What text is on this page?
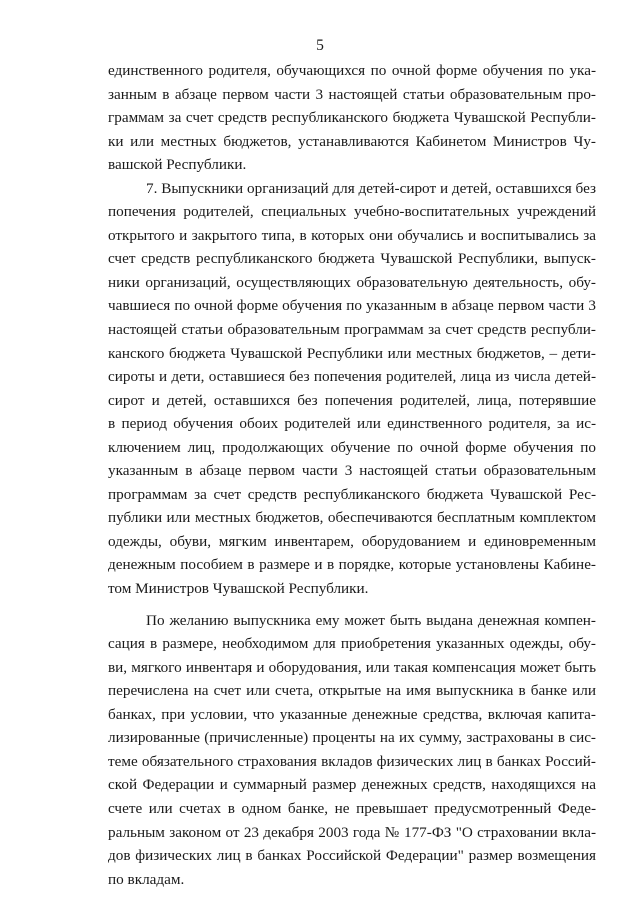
5
единственного родителя, обучающихся по очной форме обучения по ука-
занным в абзаце первом части 3 настоящей статьи образовательным про-
граммам за счет средств республиканского бюджета Чувашской Республи-
ки или местных бюджетов, устанавливаются Кабинетом Министров Чу-
вашской Республики.
7. Выпускники организаций для детей-сирот и детей, оставшихся без
попечения родителей, специальных учебно-воспитательных учреждений
открытого и закрытого типа, в которых они обучались и воспитывались за
счет средств республиканского бюджета Чувашской Республики, выпуск-
ники организаций, осуществляющих образовательную деятельность, обу-
чавшиеся по очной форме обучения по указанным в абзаце первом части 3
настоящей статьи образовательным программам за счет средств республи-
канского бюджета Чувашской Республики или местных бюджетов, – дети-
сироты и дети, оставшиеся без попечения родителей, лица из числа детей-
сирот и детей, оставшихся без попечения родителей, лица, потерявшие
в период обучения обоих родителей или единственного родителя, за ис-
ключением лиц, продолжающих обучение по очной форме обучения по
указанным в абзаце первом части 3 настоящей статьи образовательным
программам за счет средств республиканского бюджета Чувашской Рес-
публики или местных бюджетов, обеспечиваются бесплатным комплектом
одежды, обуви, мягким инвентарем, оборудованием и единовременным
денежным пособием в размере и в порядке, которые установлены Кабине-
том Министров Чувашской Республики.
По желанию выпускника ему может быть выдана денежная компен-
сация в размере, необходимом для приобретения указанных одежды, обу-
ви, мягкого инвентаря и оборудования, или такая компенсация может быть
перечислена на счет или счета, открытые на имя выпускника в банке или
банках, при условии, что указанные денежные средства, включая капита-
лизированные (причисленные) проценты на их сумму, застрахованы в сис-
теме обязательного страхования вкладов физических лиц в банках Россий-
ской Федерации и суммарный размер денежных средств, находящихся на
счете или счетах в одном банке, не превышает предусмотренный Феде-
ральным законом от 23 декабря 2003 года № 177-ФЗ "О страховании вкла-
дов физических лиц в банках Российской Федерации" размер возмещения
по вкладам.
